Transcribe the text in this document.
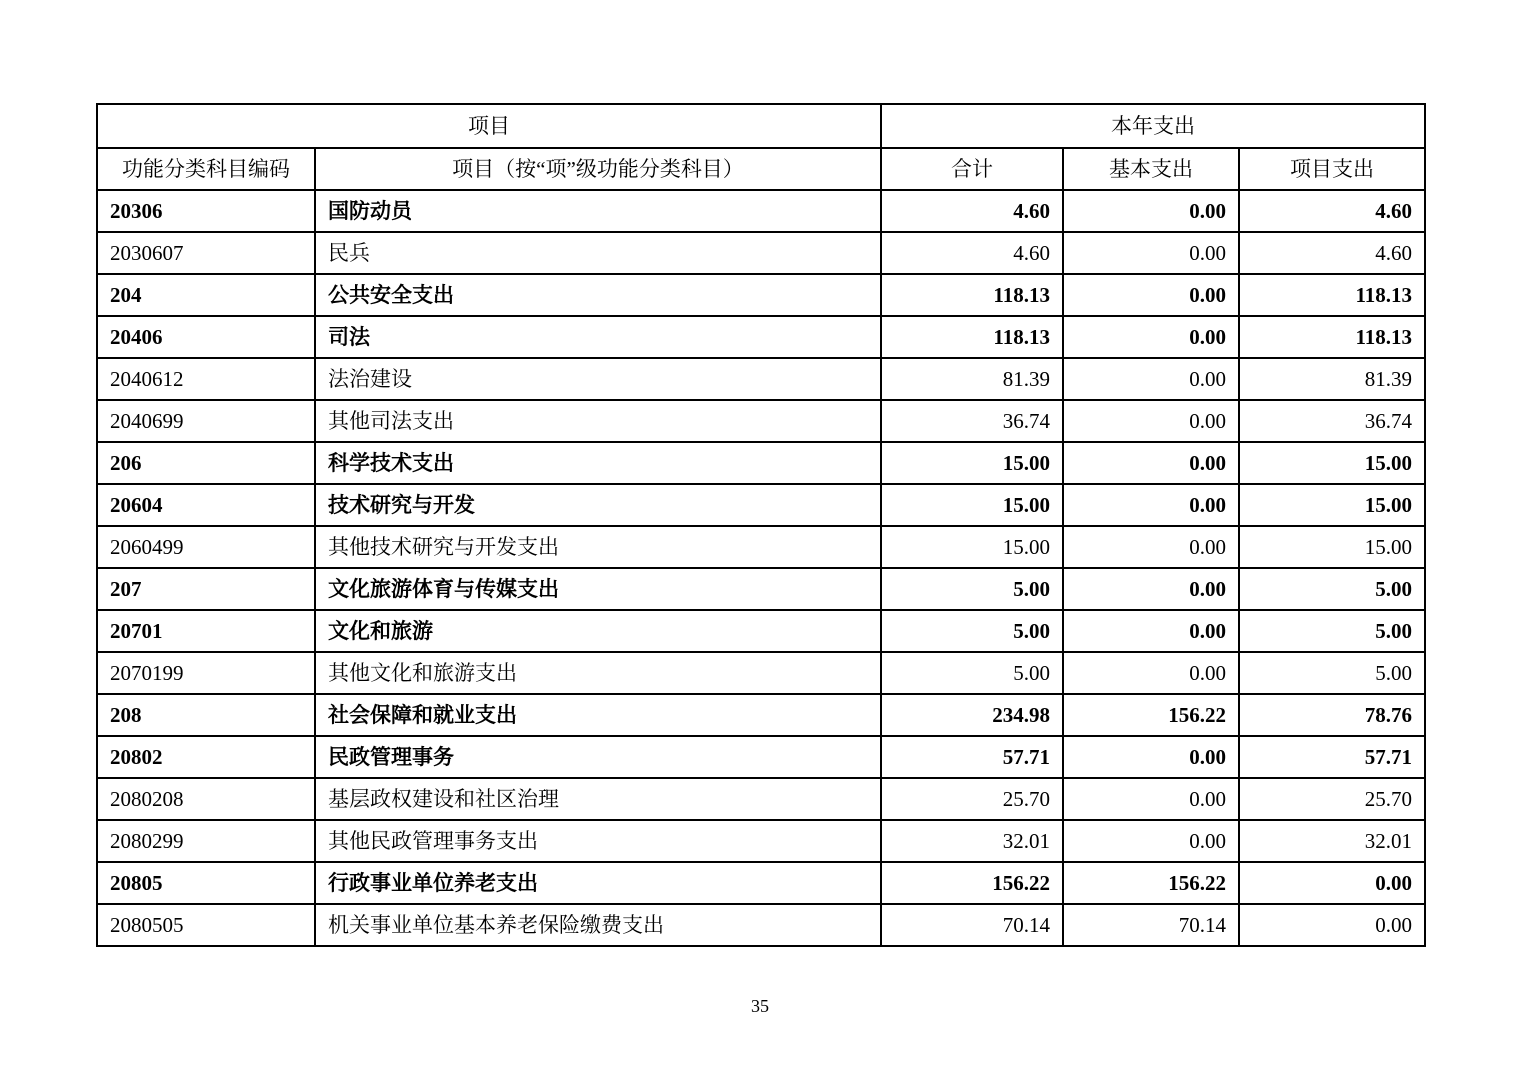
项目		本年支出		
功能分类科目编码	项目（按“项”级功能分类科目）	合计	基本支出	项目支出
20306	国防动员	4.60	0.00	4.60
2030607	民兵	4.60	0.00	4.60
204	公共安全支出	118.13	0.00	118.13
20406	司法	118.13	0.00	118.13
2040612	法治建设	81.39	0.00	81.39
2040699	其他司法支出	36.74	0.00	36.74
206	科学技术支出	15.00	0.00	15.00
20604	技术研究与开发	15.00	0.00	15.00
2060499	其他技术研究与开发支出	15.00	0.00	15.00
207	文化旅游体育与传媒支出	5.00	0.00	5.00
20701	文化和旅游	5.00	0.00	5.00
2070199	其他文化和旅游支出	5.00	0.00	5.00
208	社会保障和就业支出	234.98	156.22	78.76
20802	民政管理事务	57.71	0.00	57.71
2080208	基层政权建设和社区治理	25.70	0.00	25.70
2080299	其他民政管理事务支出	32.01	0.00	32.01
20805	行政事业单位养老支出	156.22	156.22	0.00
2080505	机关事业单位基本养老保险缴费支出	70.14	70.14	0.00
35
